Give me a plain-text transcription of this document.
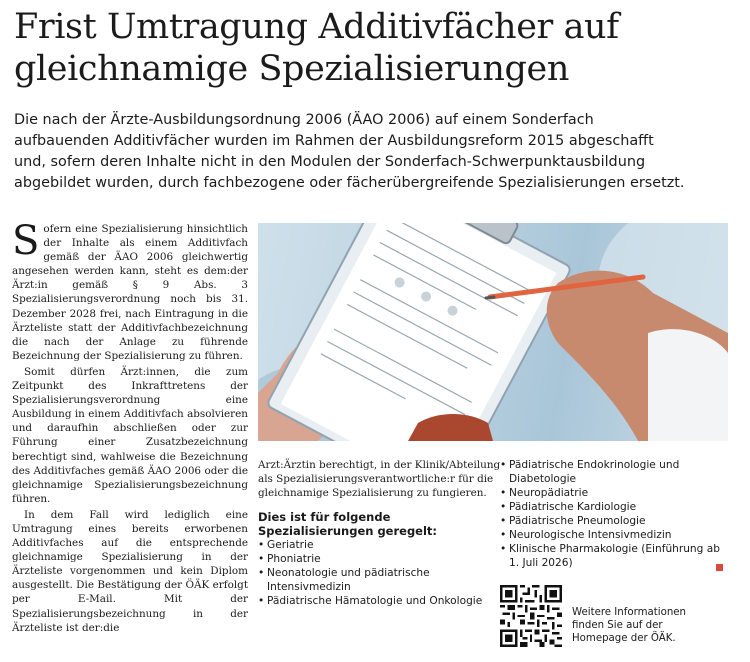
Frist Umtragung Additivfächer auf
gleichnamige Spezialisierungen
Die nach der Ärzte-Ausbildungsordnung 2006 (ÄAO 2006) auf einem Sonderfach
aufbauenden Additivfächer wurden im Rahmen der Ausbildungsreform 2015 abgeschafft
und, sofern deren Inhalte nicht in den Modulen der Sonderfach-Schwerpunktausbildung
abgebildet wurden, durch fachbezogene oder fächerübergreifende Spezialisierungen ersetzt.

Sofern eine Spezialisierung hinsichtlich der Inhalte als einem Additivfach gemäß der ÄAO 2006 gleichwertig angesehen werden kann, steht es dem:der Ärzt:in gemäß § 9 Abs. 3 Spezialisierungsverordnung noch bis 31. Dezember 2028 frei, nach Eintragung in die Ärzteliste statt der Additivfachbezeichnung die nach der Anlage zu führende Bezeichnung der Spezialisierung zu führen.

Somit dürfen Ärzt:innen, die zum Zeitpunkt des Inkrafttretens der Spezialisierungsverordnung eine Ausbildung in einem Additivfach absolvieren und daraufhin abschließen oder zur Führung einer Zusatzbezeichnung berechtigt sind, wahlweise die Bezeichnung des Additivfaches gemäß ÄAO 2006 oder die gleichnamige Spezialisierungsbezeichnung führen.

In dem Fall wird lediglich eine Umtragung eines bereits erworbenen Additivfaches auf die entsprechende gleichnamige Spezialisierung in der Ärzteliste vorgenommen und kein Diplom ausgestellt. Die Bestätigung der ÖÄK erfolgt per E-Mail. Mit der Spezialisierungsbezeichnung in der Ärzteliste ist der:die

Arzt:Ärztin berechtigt, in der Klinik/Abteilung als Spezialisierungsverantwortliche:r für die gleichnamige Spezialisierung zu fungieren.

Dies ist für folgende Spezialisierungen geregelt:
• Geriatrie
• Phoniatrie
• Neonatologie und pädiatrische Intensivmedizin
• Pädiatrische Hämatologie und Onkologie
• Pädiatrische Endokrinologie und Diabetologie
• Neuropädiatrie
• Pädiatrische Kardiologie
• Pädiatrische Pneumologie
• Neurologische Intensivmedizin
• Klinische Pharmakologie (Einführung ab 1. Juli 2026)
Weitere Informationen
finden Sie auf der
Homepage der ÖÄK.
